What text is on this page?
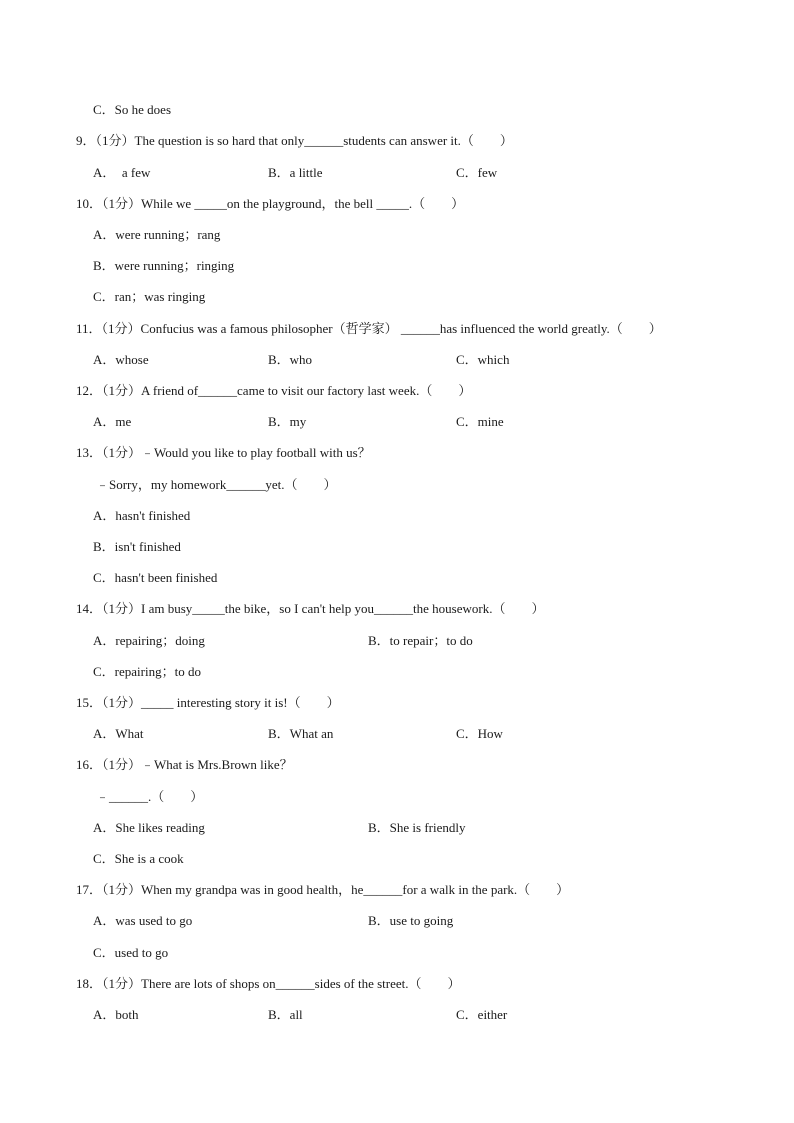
C．So he does
9．（1分）The question is so hard that only______students can answer it.（　　）
A．  a few	B．a little	C．few
10．（1分）While we _____on the playground，the bell _____.（　　）
A．were running；rang
B．were running；ringing
C．ran；was ringing
11．（1分）Confucius was a famous philosopher（哲学家） ______has influenced the world greatly.（　　）
A．whose	B．who	C．which
12．（1分）A friend of______came to visit our factory last week.（　　）
A．me	B．my	C．mine
13．（1分）﹣Would you like to play football with us？
﹣Sorry，my homework______yet.（　　）
A．hasn't finished
B．isn't finished
C．hasn't been finished
14．（1分）I am busy_____the bike，so I can't help you______the housework.（　　）
A．repairing；doing	B．to repair；to do
C．repairing；to do
15．（1分）_____ interesting story it is!（　　）
A．What	B．What an	C．How
16．（1分）﹣What is Mrs.Brown like？
﹣______.（　　）
A．She likes reading	B．She is friendly
C．She is a cook
17．（1分）When my grandpa was in good health，he______for a walk in the park.（　　）
A．was used to go	B．use to going
C．used to go
18．（1分）There are lots of shops on______sides of the street.（　　）
A．both	B．all	C．either
